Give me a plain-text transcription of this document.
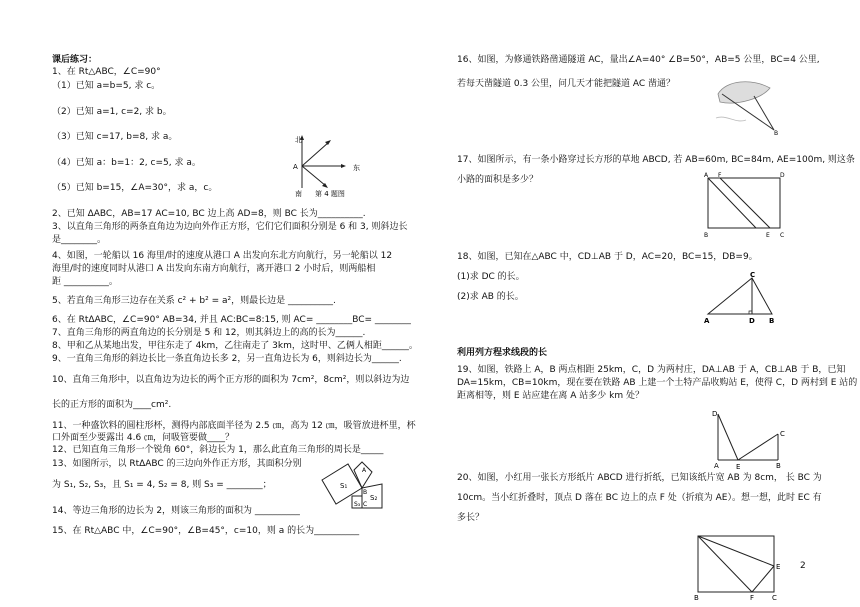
课后练习：
1、在 Rt△ABC，∠C=90°
（1）已知 a=b=5, 求 c。
（2）已知 a=1, c=2, 求 b。
（3）已知 c=17, b=8, 求 a。
（4）已知 a：b=1：2, c=5, 求 a。
（5）已知 b=15，∠A=30°，求 a，c。
北
东
A
南 第 4 题图
2、已知 ΔABC，AB=17 AC=10, BC 边上高 AD=8，则 BC 长为__________.
3、以直角三角形的两条直角边为边向外作正方形，它们它们面积分别是 6 和 3, 则斜边长
是________。
4、如图，一轮船以 16 海里/时的速度从港口 A 出发向东北方向航行，另一轮船以 12
海里/时的速度同时从港口 A 出发向东南方向航行，离开港口 2 小时后，则两船相
距 __________。
5、若直角三角形三边存在关系 c² + b² = a²，则最长边是 __________.
6、在 RtΔABC，∠C=90° AB=34, 并且 AC:BC=8:15, 则 AC= ________BC= ________
7、直角三角形的两直角边的长分别是 5 和 12，则其斜边上的高的长为______.
8、甲和乙从某地出发，甲往东走了 4km，乙往南走了 3km，这时甲、乙俩人相距______。
9、一直角三角形的斜边长比一条直角边长多 2，另一直角边长为 6，则斜边长为______.
10、直角三角形中，以直角边为边长的两个正方形的面积为 7cm²，8cm²，则以斜边为边
长的正方形的面积为____cm².
11、一种盛饮料的圆柱形杯，测得内部底面半径为 2.5 ㎝，高为 12 ㎝，吸管放进杯里，杯
口外面至少要露出 4.6 ㎝，问吸管要做____？
12、已知直角三角形一个锐角 60°，斜边长为 1，那么此直角三角形的周长是_____
13、如图所示，以 RtΔABC 的三边向外作正方形，其面积分别
为 S₁, S₂, S₃，且 S₁ = 4, S₂ = 8, 则 S₃ = ________；	S₁
S₂
S₃
A
B
C
14、等边三角形的边长为 2，则该三角形的面积为 __________
15、在 Rt△ABC 中，∠C=90°，∠B=45°，c=10，则 a 的长为__________
16、如图，为修通铁路凿通隧道 AC，量出∠A=40° ∠B=50°，AB=5 公里，BC=4 公里,
若每天凿隧道 0.3 公里，问几天才能把隧道 AC 凿通？
B
17、如图所示，有一条小路穿过长方形的草地 ABCD, 若 AB=60m, BC=84m, AE=100m, 则这条
小路的面积是多少？	A F	D
B	E C
18、如图，已知在△ABC 中，CD⊥AB 于 D，AC=20，BC=15，DB=9。
(1)求 DC 的长。
(2)求 AB 的长。
C
A	D B
利用列方程求线段的长
19、如图，铁路上 A，B 两点相距 25km，C，D 为两村庄，DA⊥AB 于 A，CB⊥AB 于 B，已知
DA=15km，CB=10km，现在要在铁路 AB 上建一个土特产品收购站 E，使得 C，D 两村到 E 站的
距离相等，则 E 站应建在离 A 站多少 km 处？
D
C
A E	B
20、如图，小红用一张长方形纸片 ABCD 进行折纸，已知该纸片宽 AB 为 8cm， 长 BC 为
10cm。当小红折叠时，顶点 D 落在 BC 边上的点 F 处（折痕为 AE）。想一想，此时 EC 有
多长？
B	F	C
E 2
